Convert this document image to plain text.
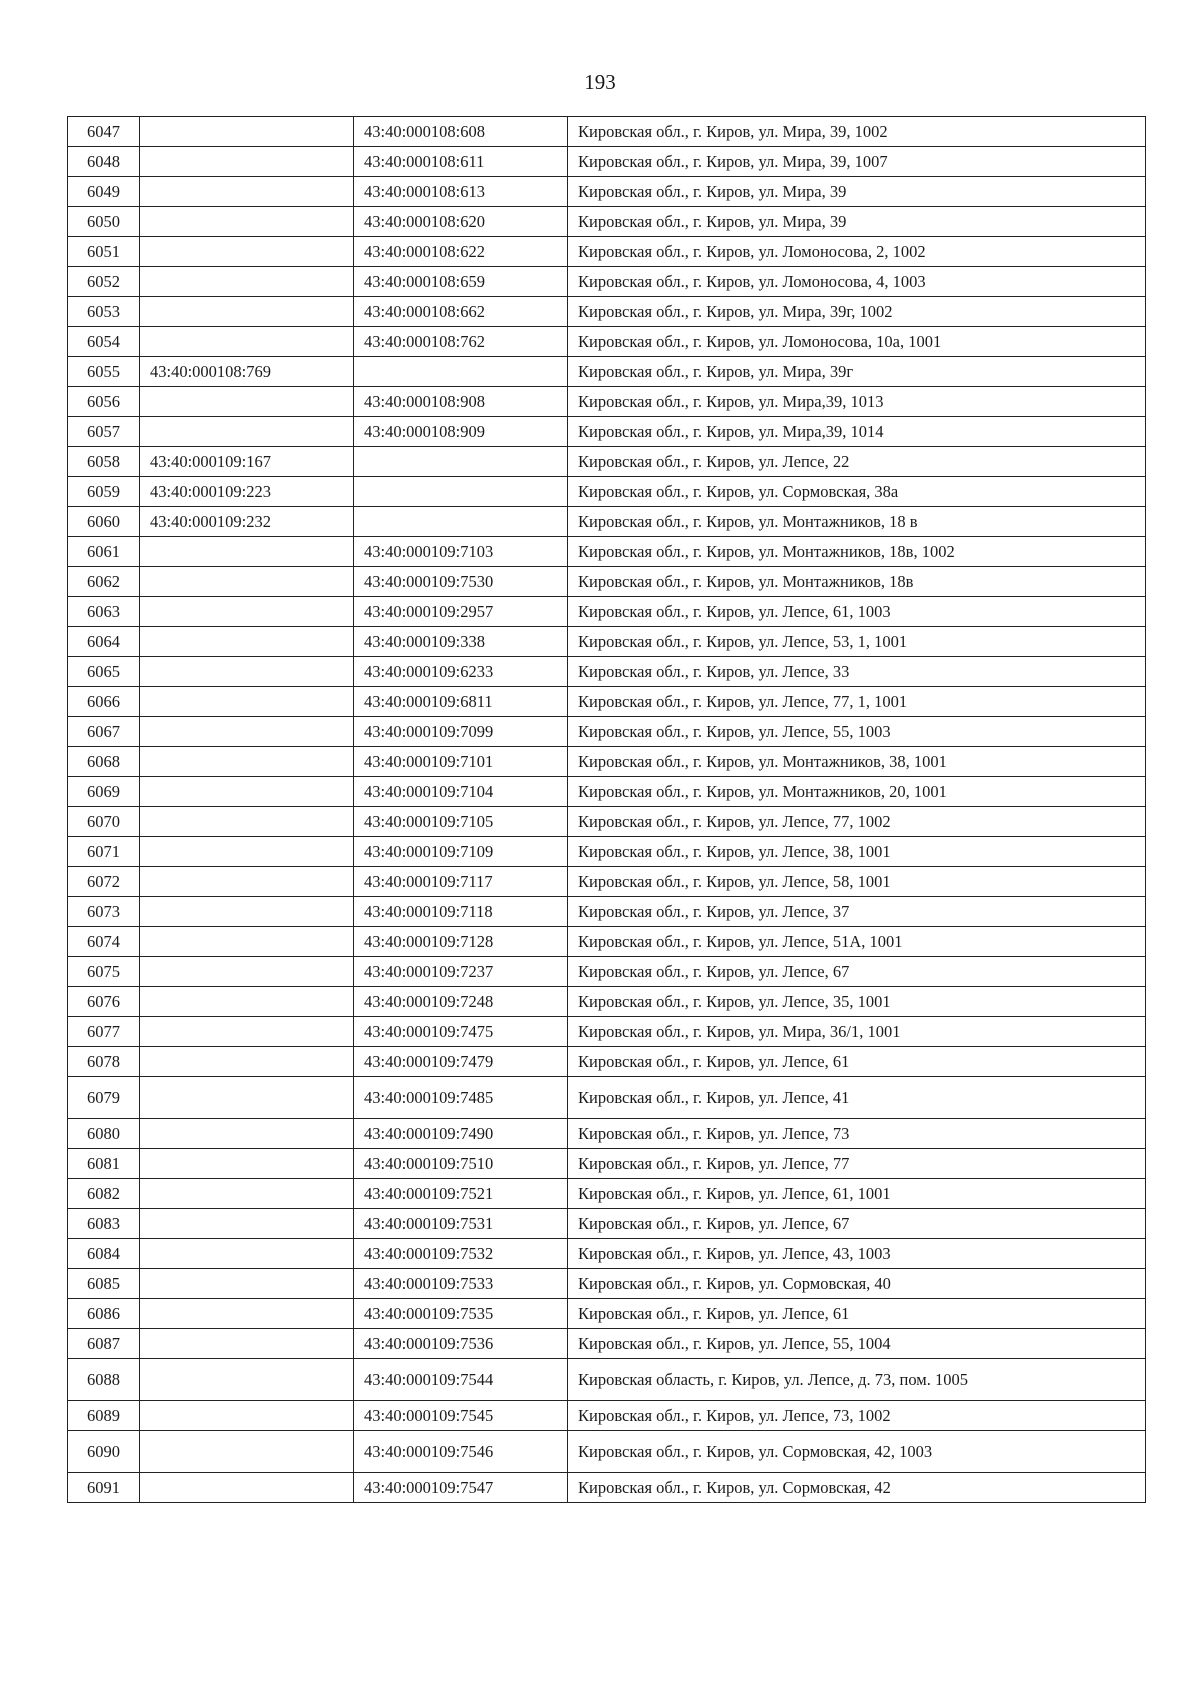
193
6047		43:40:000108:608	Кировская обл., г. Киров, ул. Мира, 39, 1002
6048		43:40:000108:611	Кировская обл., г. Киров, ул. Мира, 39, 1007
6049		43:40:000108:613	Кировская обл., г. Киров, ул. Мира, 39
6050		43:40:000108:620	Кировская обл., г. Киров, ул. Мира, 39
6051		43:40:000108:622	Кировская обл., г. Киров, ул. Ломоносова, 2, 1002
6052		43:40:000108:659	Кировская обл., г. Киров, ул. Ломоносова, 4, 1003
6053		43:40:000108:662	Кировская обл., г. Киров, ул. Мира, 39г, 1002
6054		43:40:000108:762	Кировская обл., г. Киров, ул. Ломоносова, 10а, 1001
6055	43:40:000108:769		Кировская обл., г. Киров, ул. Мира, 39г
6056		43:40:000108:908	Кировская обл., г. Киров, ул. Мира,39, 1013
6057		43:40:000108:909	Кировская обл., г. Киров, ул. Мира,39, 1014
6058	43:40:000109:167		Кировская обл., г. Киров, ул. Лепсе, 22
6059	43:40:000109:223		Кировская обл., г. Киров, ул. Сормовская, 38а
6060	43:40:000109:232		Кировская обл., г. Киров, ул. Монтажников, 18 в
6061		43:40:000109:7103	Кировская обл., г. Киров, ул. Монтажников, 18в, 1002
6062		43:40:000109:7530	Кировская обл., г. Киров, ул. Монтажников, 18в
6063		43:40:000109:2957	Кировская обл., г. Киров, ул. Лепсе, 61, 1003
6064		43:40:000109:338	Кировская обл., г. Киров, ул. Лепсе, 53, 1, 1001
6065		43:40:000109:6233	Кировская обл., г. Киров, ул. Лепсе, 33
6066		43:40:000109:6811	Кировская обл., г. Киров, ул. Лепсе, 77, 1, 1001
6067		43:40:000109:7099	Кировская обл., г. Киров, ул. Лепсе, 55, 1003
6068		43:40:000109:7101	Кировская обл., г. Киров, ул. Монтажников, 38, 1001
6069		43:40:000109:7104	Кировская обл., г. Киров, ул. Монтажников, 20, 1001
6070		43:40:000109:7105	Кировская обл., г. Киров, ул. Лепсе, 77, 1002
6071		43:40:000109:7109	Кировская обл., г. Киров, ул. Лепсе, 38, 1001
6072		43:40:000109:7117	Кировская обл., г. Киров, ул. Лепсе, 58, 1001
6073		43:40:000109:7118	Кировская обл., г. Киров, ул. Лепсе, 37
6074		43:40:000109:7128	Кировская обл., г. Киров, ул. Лепсе, 51А, 1001
6075		43:40:000109:7237	Кировская обл., г. Киров, ул. Лепсе, 67
6076		43:40:000109:7248	Кировская обл., г. Киров, ул. Лепсе, 35, 1001
6077		43:40:000109:7475	Кировская обл., г. Киров, ул. Мира, 36/1, 1001
6078		43:40:000109:7479	Кировская обл., г. Киров, ул. Лепсе, 61
6079		43:40:000109:7485	Кировская обл., г. Киров, ул. Лепсе, 41
6080		43:40:000109:7490	Кировская обл., г. Киров, ул. Лепсе, 73
6081		43:40:000109:7510	Кировская обл., г. Киров, ул. Лепсе, 77
6082		43:40:000109:7521	Кировская обл., г. Киров, ул. Лепсе, 61, 1001
6083		43:40:000109:7531	Кировская обл., г. Киров, ул. Лепсе, 67
6084		43:40:000109:7532	Кировская обл., г. Киров, ул. Лепсе, 43, 1003
6085		43:40:000109:7533	Кировская обл., г. Киров, ул. Сормовская, 40
6086		43:40:000109:7535	Кировская обл., г. Киров, ул. Лепсе, 61
6087		43:40:000109:7536	Кировская обл., г. Киров, ул. Лепсе, 55, 1004
6088		43:40:000109:7544	Кировская область, г. Киров, ул. Лепсе, д. 73, пом. 1005
6089		43:40:000109:7545	Кировская обл., г. Киров, ул. Лепсе, 73, 1002
6090		43:40:000109:7546	Кировская обл., г. Киров, ул. Сормовская, 42, 1003
6091		43:40:000109:7547	Кировская обл., г. Киров, ул. Сормовская, 42
